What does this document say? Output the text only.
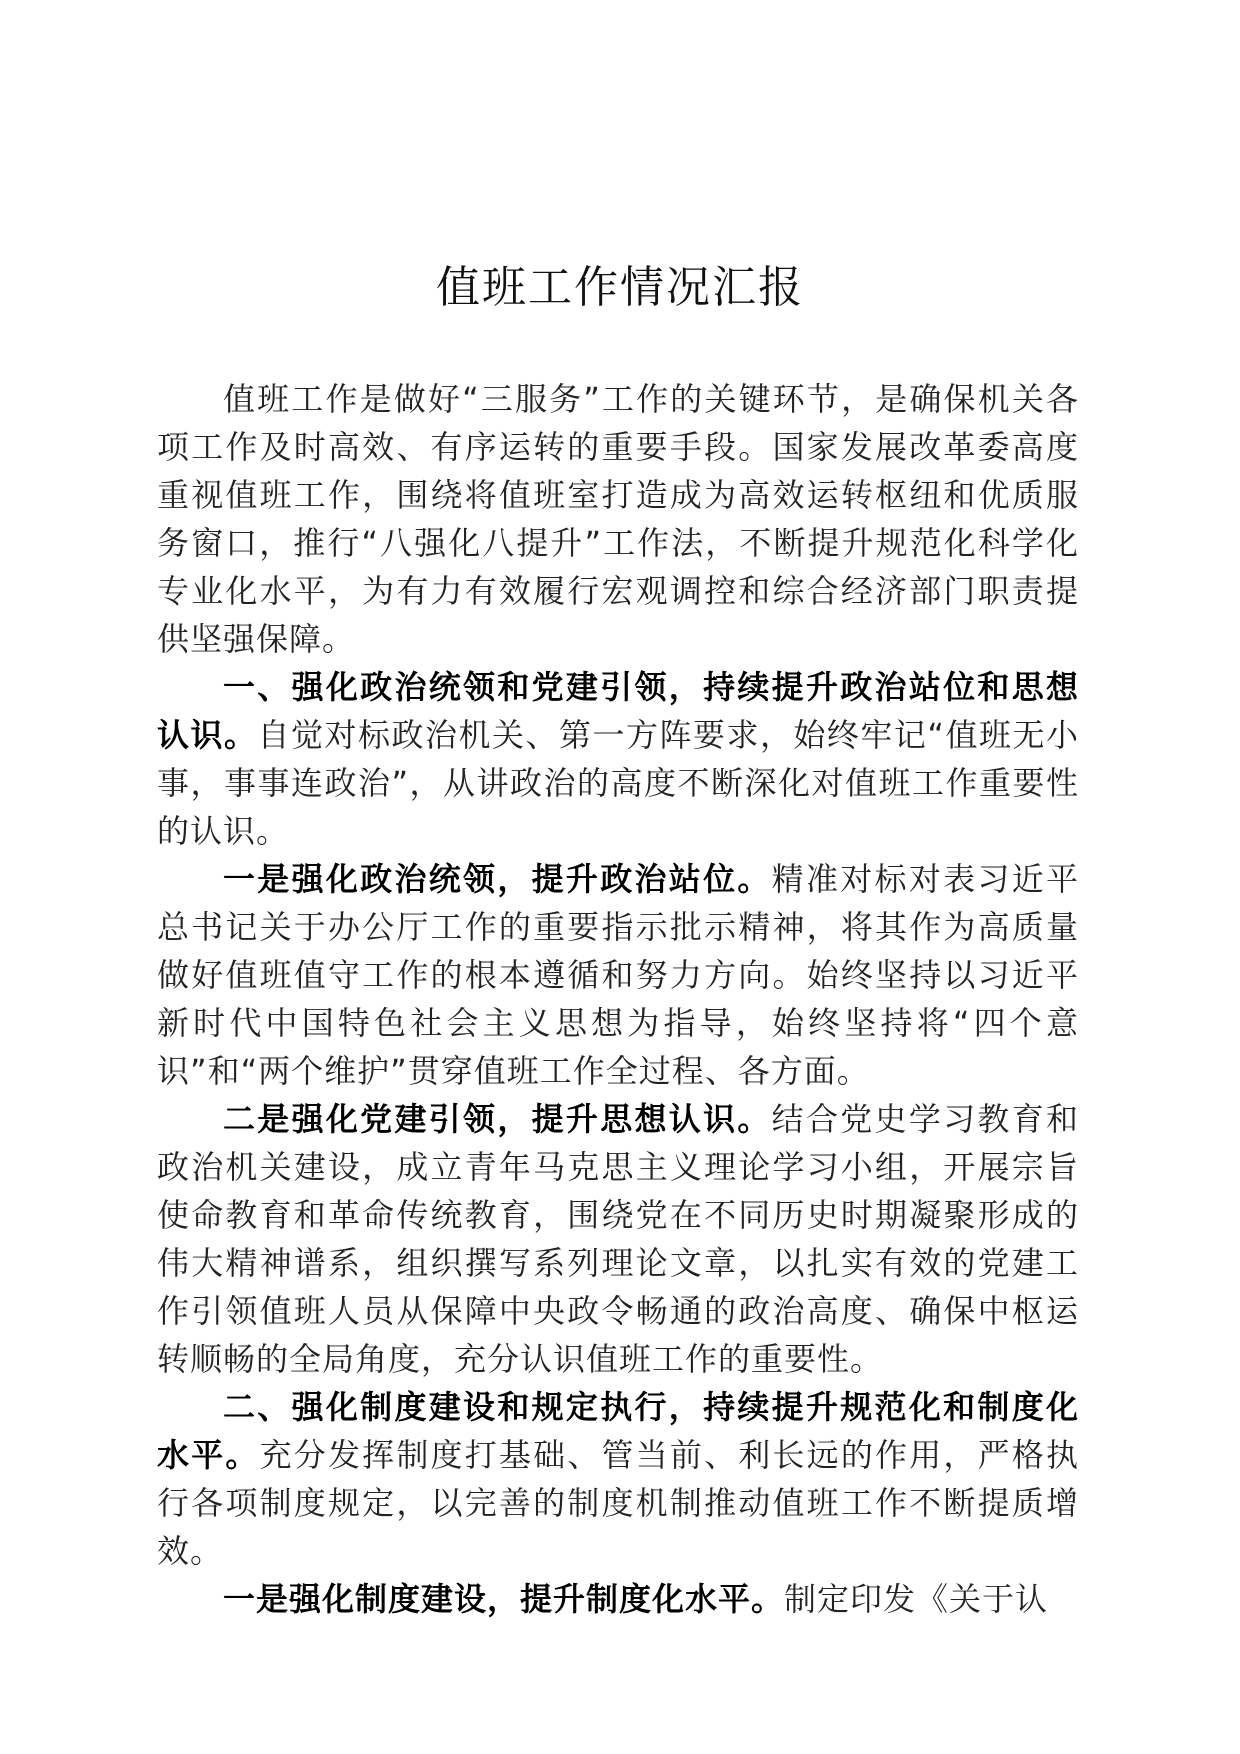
值班工作情况汇报

值班工作是做好“三服务”工作的关键环节，是确保机关各项工作及时高效、有序运转的重要手段。国家发展改革委高度重视值班工作，围绕将值班室打造成为高效运转枢纽和优质服务窗口，推行“八强化八提升”工作法，不断提升规范化科学化专业化水平，为有力有效履行宏观调控和综合经济部门职责提供坚强保障。

一、强化政治统领和党建引领，持续提升政治站位和思想认识。自觉对标政治机关、第一方阵要求，始终牢记“值班无小事，事事连政治”，从讲政治的高度不断深化对值班工作重要性的认识。

一是强化政治统领，提升政治站位。精准对标对表习近平总书记关于办公厅工作的重要指示批示精神，将其作为高质量做好值班值守工作的根本遵循和努力方向。始终坚持以习近平新时代中国特色社会主义思想为指导，始终坚持将“四个意识”和“两个维护”贯穿值班工作全过程、各方面。

二是强化党建引领，提升思想认识。结合党史学习教育和政治机关建设，成立青年马克思主义理论学习小组，开展宗旨使命教育和革命传统教育，围绕党在不同历史时期凝聚形成的伟大精神谱系，组织撰写系列理论文章，以扎实有效的党建工作引领值班人员从保障中央政令畅通的政治高度、确保中枢运转顺畅的全局角度，充分认识值班工作的重要性。

二、强化制度建设和规定执行，持续提升规范化和制度化水平。充分发挥制度打基础、管当前、利长远的作用，严格执行各项制度规定，以完善的制度机制推动值班工作不断提质增效。

一是强化制度建设，提升制度化水平。制定印发《关于认
